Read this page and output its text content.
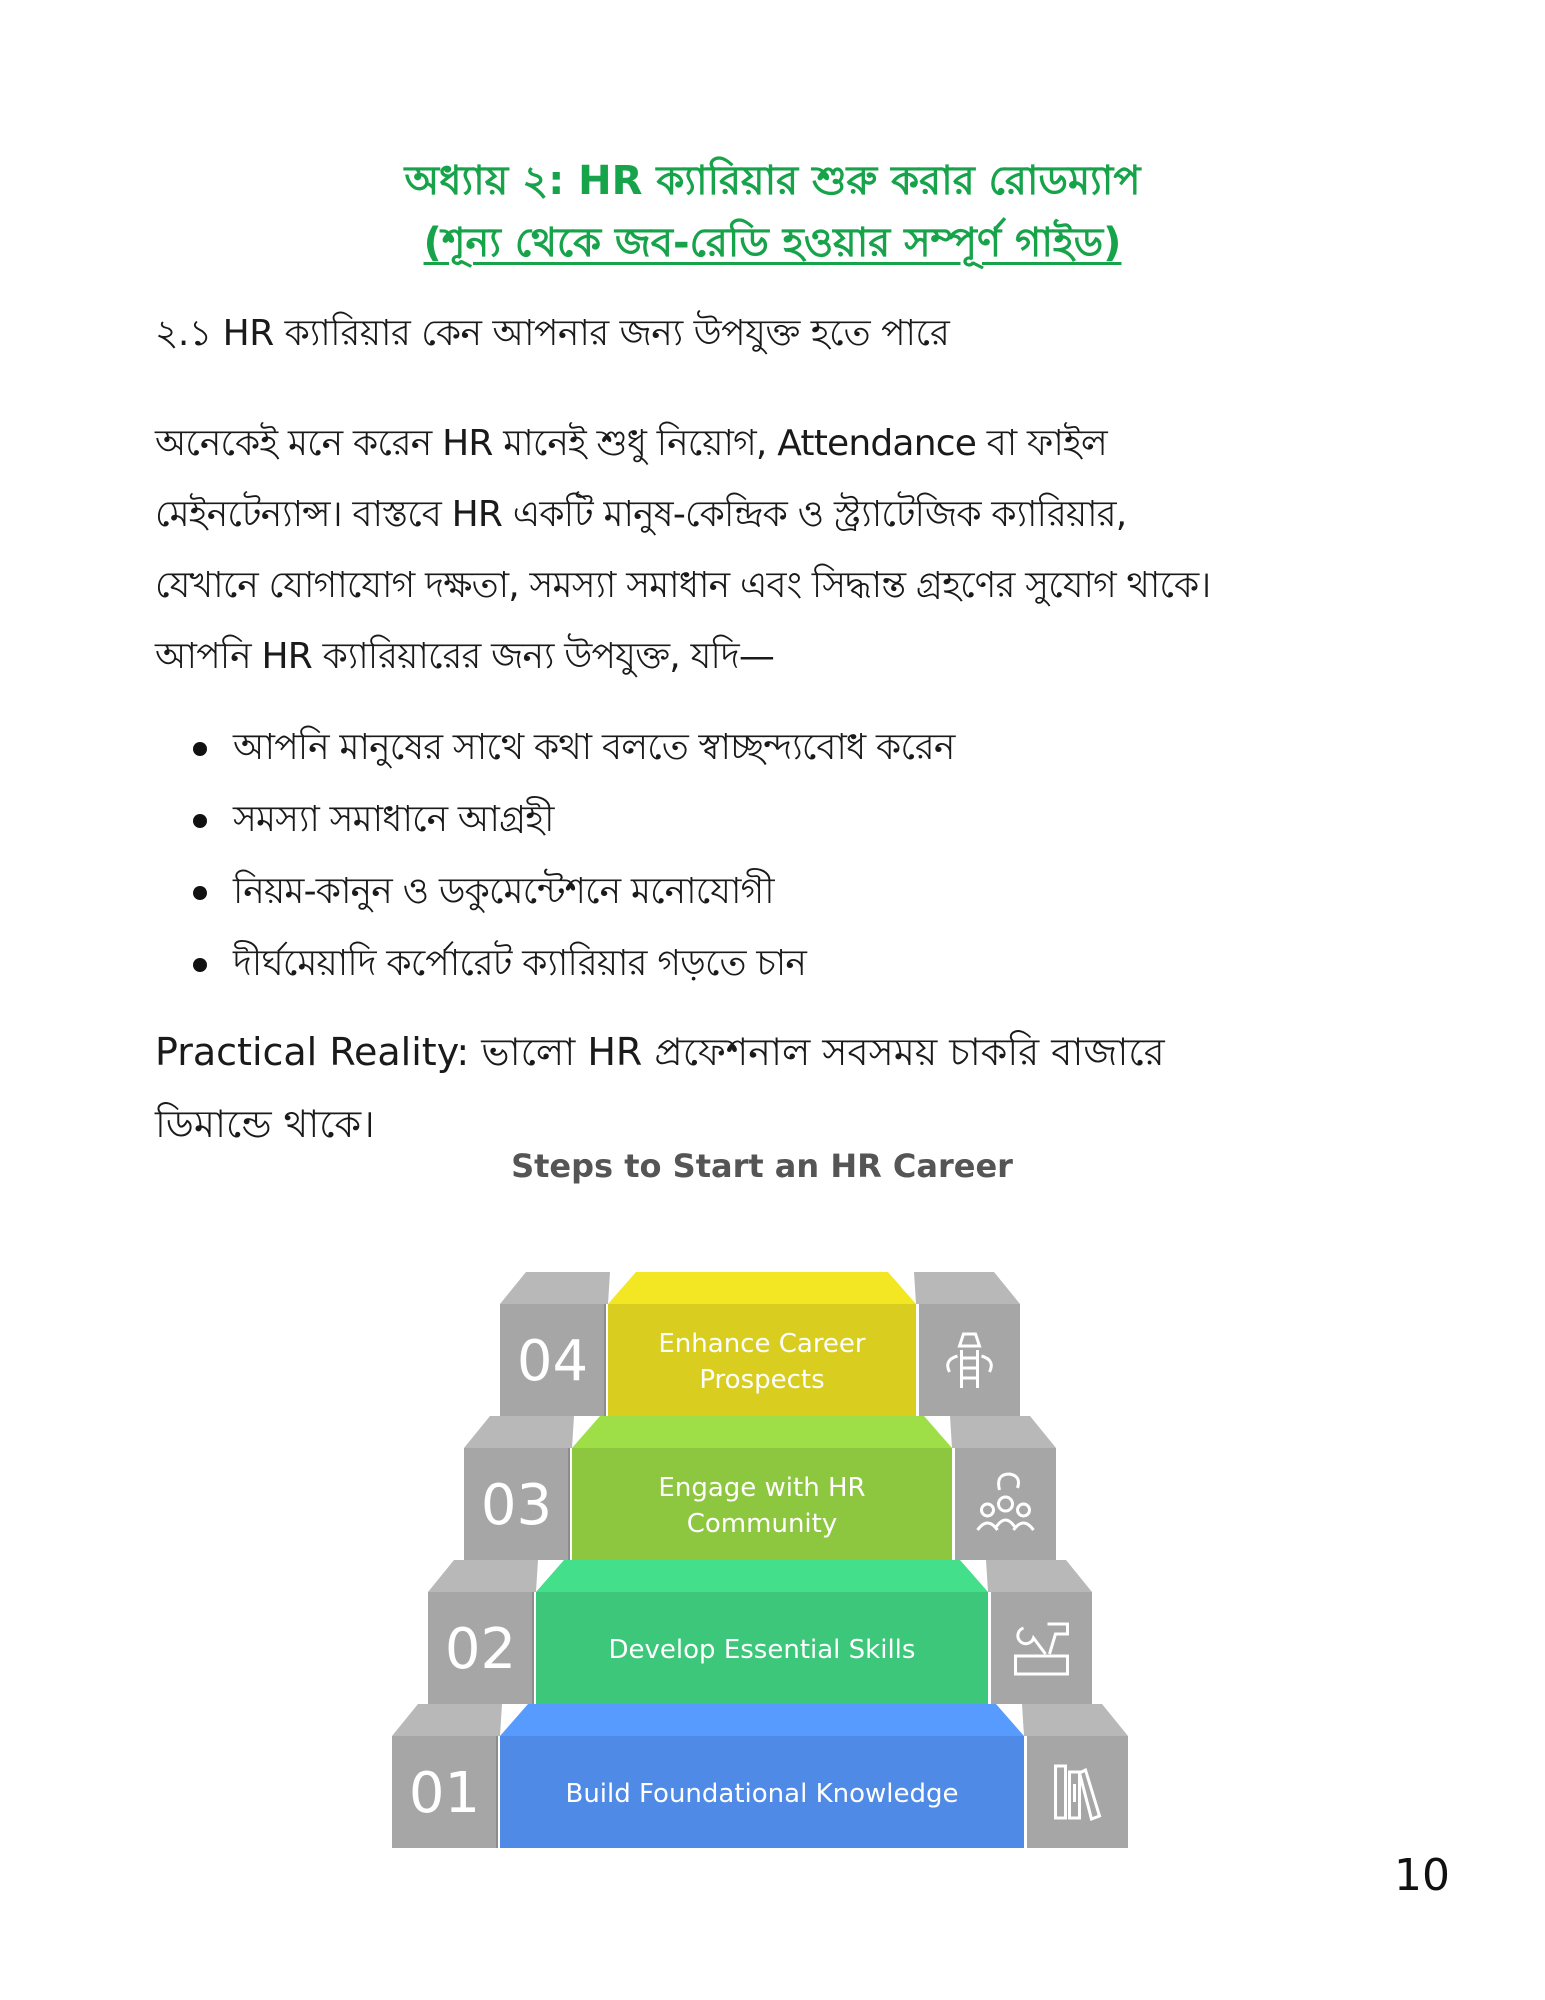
অধ্যায় ২: HR ক্যারিয়ার শুরু করার রোডম্যাপ
(শূন্য থেকে জব-রেডি হওয়ার সম্পূর্ণ গাইড)
২.১ HR ক্যারিয়ার কেন আপনার জন্য উপযুক্ত হতে পারে
অনেকেই মনে করেন HR মানেই শুধু নিয়োগ, Attendance বা ফাইল
মেইনটেন্যান্স। বাস্তবে HR একটি মানুষ-কেন্দ্রিক ও স্ট্র্যাটেজিক ক্যারিয়ার,
যেখানে যোগাযোগ দক্ষতা, সমস্যা সমাধান এবং সিদ্ধান্ত গ্রহণের সুযোগ থাকে।
আপনি HR ক্যারিয়ারের জন্য উপযুক্ত, যদি—
আপনি মানুষের সাথে কথা বলতে স্বাচ্ছন্দ্যবোধ করেন
সমস্যা সমাধানে আগ্রহী
নিয়ম-কানুন ও ডকুমেন্টেশনে মনোযোগী
দীর্ঘমেয়াদি কর্পোরেট ক্যারিয়ার গড়তে চান
Practical Reality: ভালো HR প্রফেশনাল সবসময় চাকরি বাজারে
ডিমান্ডে থাকে।
Steps to Start an HR Career
01	Build Foundational Knowledge
02	Develop Essential Skills
03	Engage with HR
Community
04	Enhance Career
Prospects
10
